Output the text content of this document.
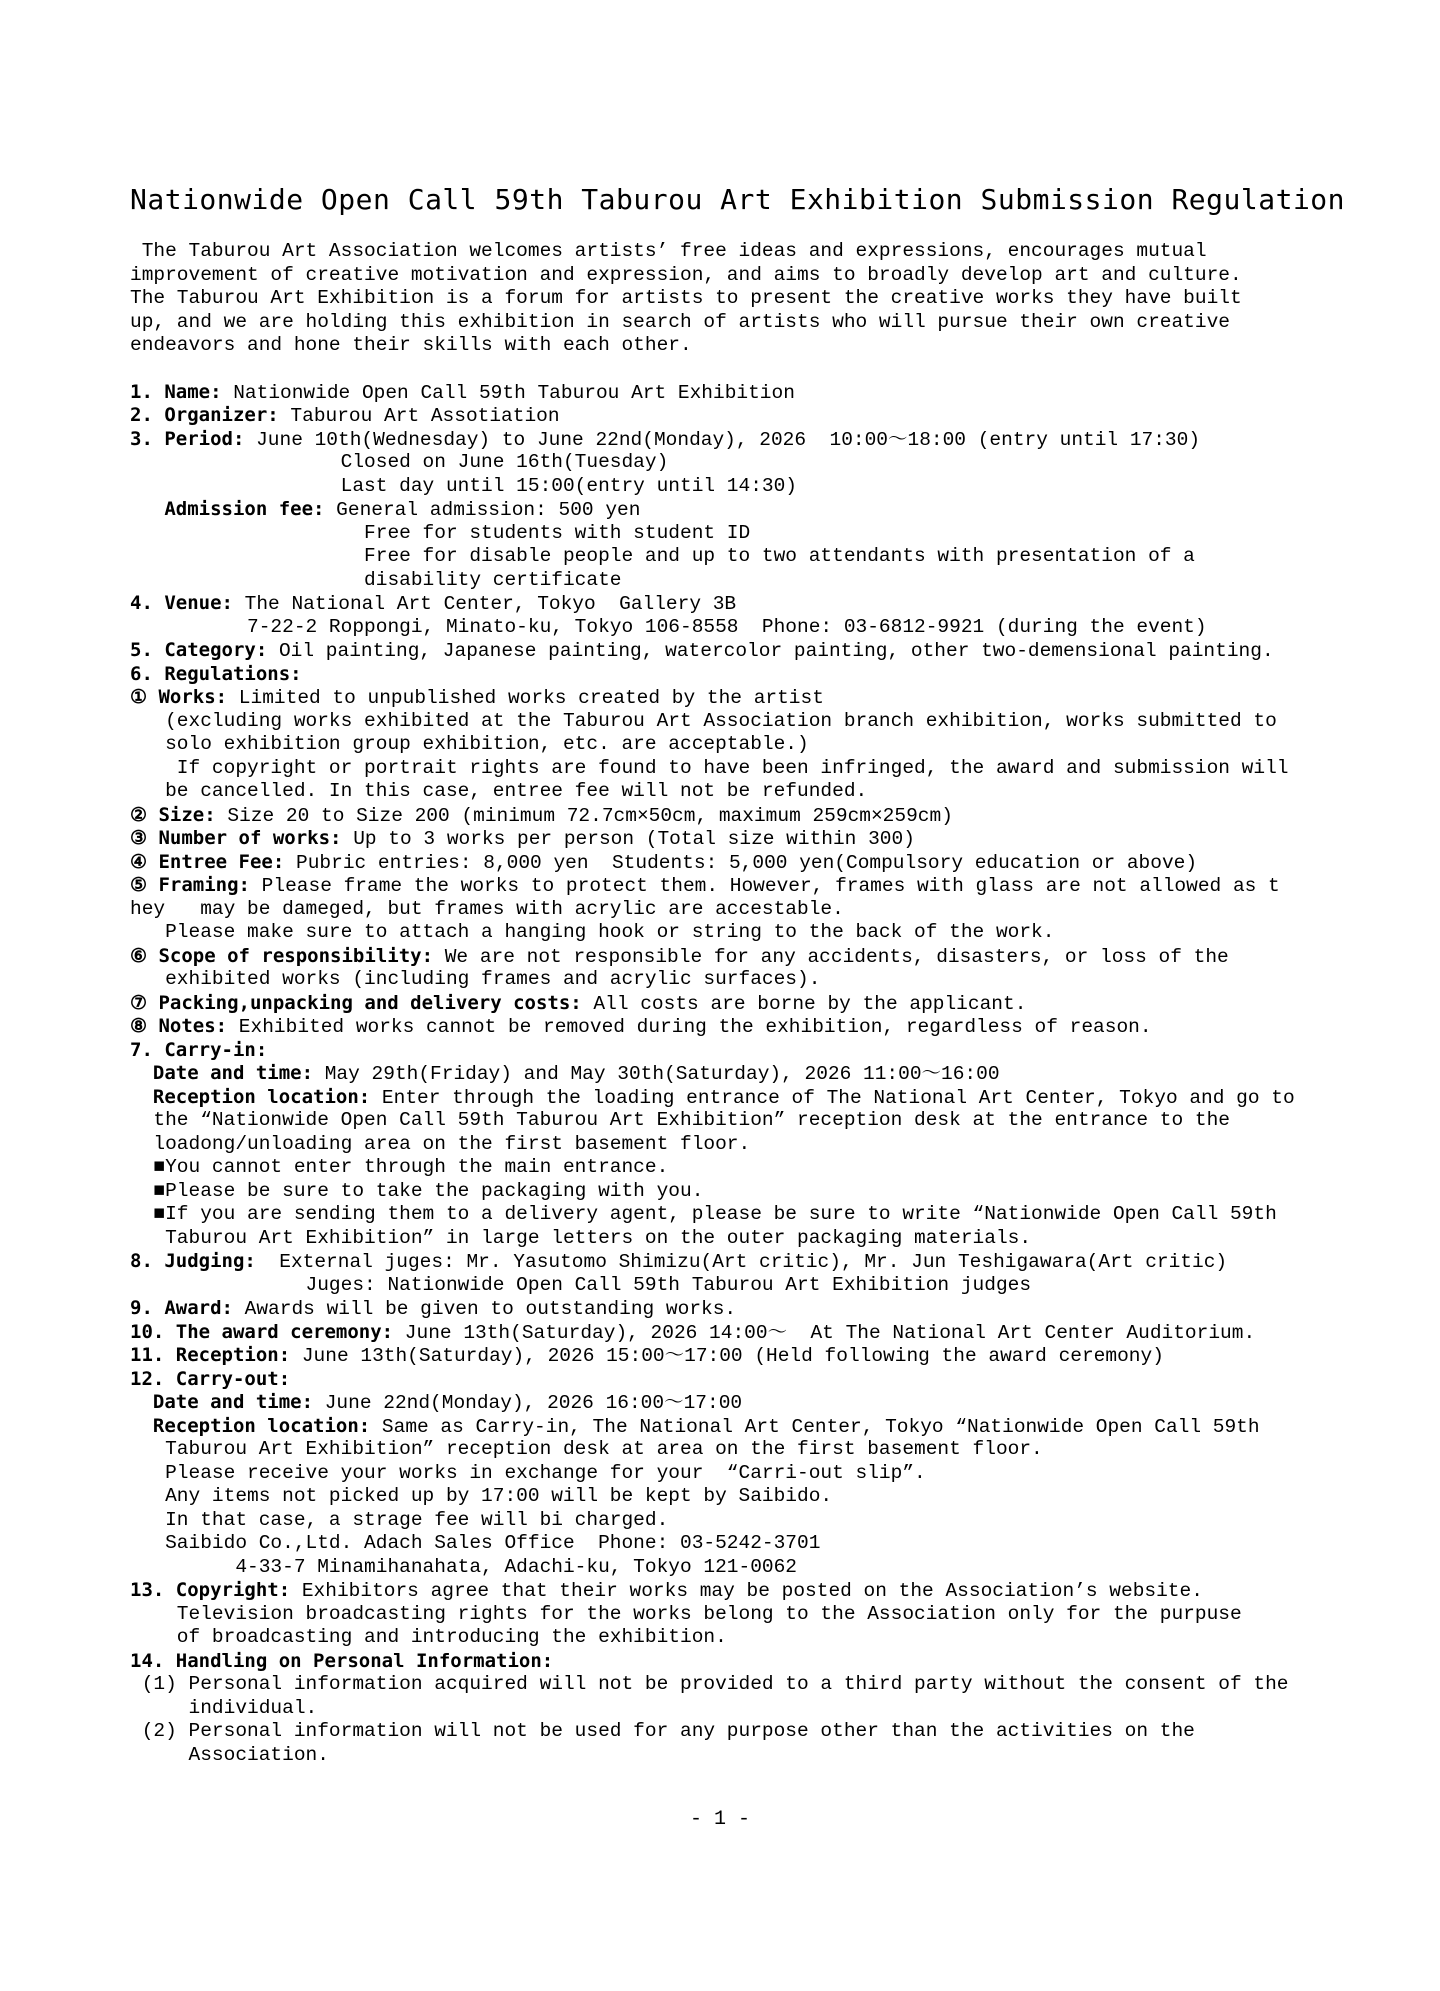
Nationwide Open Call 59th Taburou Art Exhibition Submission Regulation
The Taburou Art Association welcomes artists’ free ideas and expressions, encourages mutual
improvement of creative motivation and expression, and aims to broadly develop art and culture.
The Taburou Art Exhibition is a forum for artists to present the creative works they have built
up, and we are holding this exhibition in search of artists who will pursue their own creative
endeavors and hone their skills with each other.
1. Name: Nationwide Open Call 59th Taburou Art Exhibition
2. Organizer: Taburou Art Assotiation
3. Period: June 10th(Wednesday) to June 22nd(Monday), 2026  10:00～18:00 (entry until 17:30)
Closed on June 16th(Tuesday)
Last day until 15:00(entry until 14:30)
Admission fee: General admission: 500 yen
Free for students with student ID
Free for disable people and up to two attendants with presentation of a
disability certificate
4. Venue: The National Art Center, Tokyo  Gallery 3B
7-22-2 Roppongi, Minato-ku, Tokyo 106-8558  Phone: 03-6812-9921 (during the event)
5. Category: Oil painting, Japanese painting, watercolor painting, other two-demensional painting.
6. Regulations:
① Works: Limited to unpublished works created by the artist
(excluding works exhibited at the Taburou Art Association branch exhibition, works submitted to
solo exhibition group exhibition, etc. are acceptable.)
If copyright or portrait rights are found to have been infringed, the award and submission will
be cancelled. In this case, entree fee will not be refunded.
② Size: Size 20 to Size 200 (minimum 72.7cm×50cm, maximum 259cm×259cm)
③ Number of works: Up to 3 works per person (Total size within 300)
④ Entree Fee: Pubric entries: 8,000 yen  Students: 5,000 yen(Compulsory education or above)
⑤ Framing: Please frame the works to protect them. However, frames with glass are not allowed as t
hey   may be dameged, but frames with acrylic are accestable.
Please make sure to attach a hanging hook or string to the back of the work.
⑥ Scope of responsibility: We are not responsible for any accidents, disasters, or loss of the
exhibited works (including frames and acrylic surfaces).
⑦ Packing,unpacking and delivery costs: All costs are borne by the applicant.
⑧ Notes: Exhibited works cannot be removed during the exhibition, regardless of reason.
7. Carry-in:
Date and time: May 29th(Friday) and May 30th(Saturday), 2026 11:00～16:00
Reception location: Enter through the loading entrance of The National Art Center, Tokyo and go to
the “Nationwide Open Call 59th Taburou Art Exhibition” reception desk at the entrance to the
loadong/unloading area on the first basement floor.
■You cannot enter through the main entrance.
■Please be sure to take the packaging with you.
■If you are sending them to a delivery agent, please be sure to write “Nationwide Open Call 59th
Taburou Art Exhibition” in large letters on the outer packaging materials.
8. Judging:  External juges: Mr. Yasutomo Shimizu(Art critic), Mr. Jun Teshigawara(Art critic)
Juges: Nationwide Open Call 59th Taburou Art Exhibition judges
9. Award: Awards will be given to outstanding works.
10. The award ceremony: June 13th(Saturday), 2026 14:00～  At The National Art Center Auditorium.
11. Reception: June 13th(Saturday), 2026 15:00～17:00 (Held following the award ceremony)
12. Carry-out:
Date and time: June 22nd(Monday), 2026 16:00～17:00
Reception location: Same as Carry-in, The National Art Center, Tokyo “Nationwide Open Call 59th
Taburou Art Exhibition” reception desk at area on the first basement floor.
Please receive your works in exchange for your  “Carri-out slip”.
Any items not picked up by 17:00 will be kept by Saibido.
In that case, a strage fee will bi charged.
Saibido Co.,Ltd. Adach Sales Office  Phone: 03-5242-3701
4-33-7 Minamihanahata, Adachi-ku, Tokyo 121-0062
13. Copyright: Exhibitors agree that their works may be posted on the Association’s website.
Television broadcasting rights for the works belong to the Association only for the purpuse
of broadcasting and introducing the exhibition.
14. Handling on Personal Information:
(1) Personal information acquired will not be provided to a third party without the consent of the
individual.
(2) Personal information will not be used for any purpose other than the activities on the
Association.
- 1 -
